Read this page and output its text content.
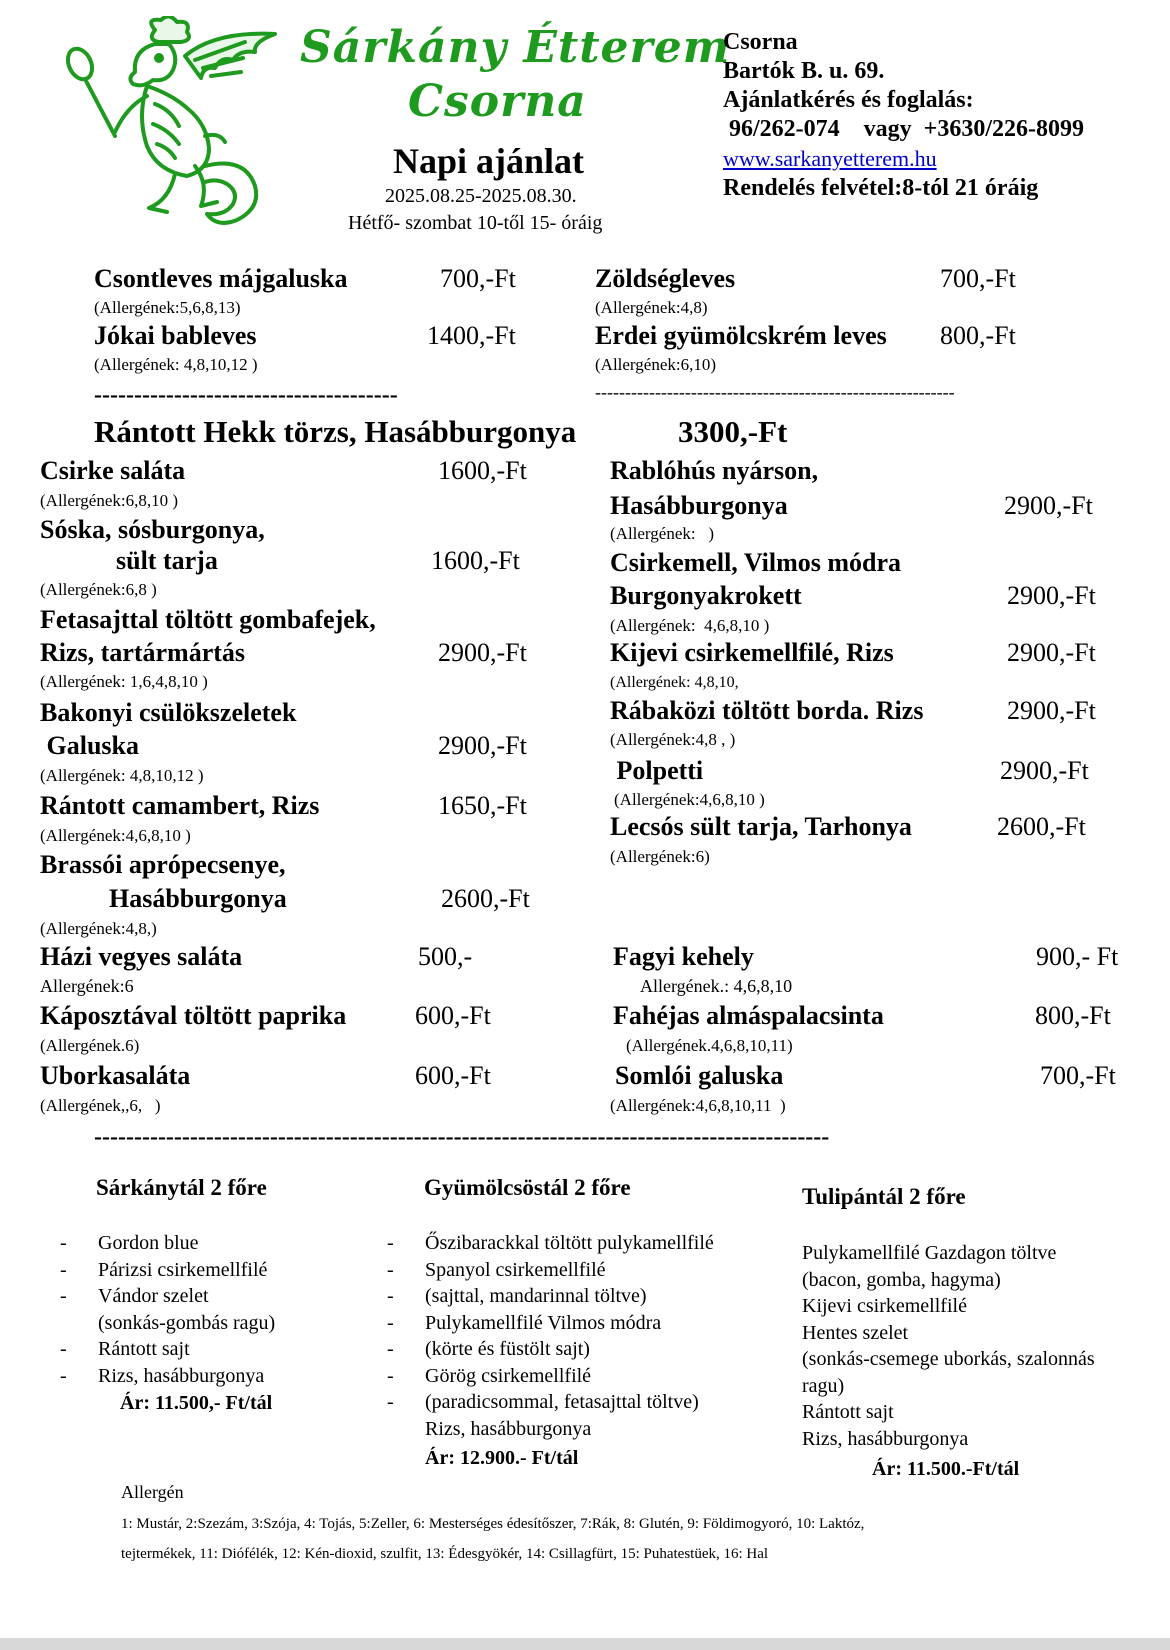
Sárkány Étterem
Csorna
Napi ajánlat
2025.08.25-2025.08.30.
Hétfő- szombat 10-től 15- óráig
Csorna
Bartók B. u. 69.
Ajánlatkérés és foglalás:
96/262-074    vagy  +3630/226-8099
www.sarkanyetterem.hu
Rendelés felvétel:8-tól 21 óráig
Csontleves májgaluska	700,-Ft
(Allergének:5,6,8,13)
Jókai bableves	1400,-Ft
(Allergének: 4,8,10,12 )
Zöldségleves	700,-Ft
(Allergének:4,8)
Erdei gyümölcskrém leves 800,-Ft
(Allergének:6,10)
--------------------------------------	------------------------------------------------------------
Rántott Hekk törzs, Hasábburgonya	3300,-Ft
Csirke saláta	1600,-Ft
(Allergének:6,8,10 )
Sóska, sósburgonya,
sült tarja	1600,-Ft
(Allergének:6,8 )
Fetasajttal töltött gombafejek,
Rizs, tartármártás	2900,-Ft
(Allergének: 1,6,4,8,10 )
Bakonyi csülökszeletek
Galuska	2900,-Ft
(Allergének: 4,8,10,12 )
Rántott camambert, Rizs	1650,-Ft
(Allergének:4,6,8,10 )
Brassói aprópecsenye,
Hasábburgonya	2600,-Ft
(Allergének:4,8,)
Rablóhús nyárson,
Hasábburgonya	2900,-Ft
(Allergének:   )
Csirkemell, Vilmos módra
Burgonyakrokett	2900,-Ft
(Allergének:  4,6,8,10 )
Kijevi csirkemellfilé, Rizs	2900,-Ft
(Allergének: 4,8,10,
Rábaközi töltött borda. Rizs	2900,-Ft
(Allergének:4,8 , )
Polpetti	2900,-Ft
(Allergének:4,6,8,10 )
Lecsós sült tarja, Tarhonya	2600,-Ft
(Allergének:6)
Házi vegyes saláta	500,-
Allergének:6
Káposztával töltött paprika	600,-Ft
(Allergének.6)
Uborkasaláta	600,-Ft
(Allergének,,6,   )
Fagyi kehely	900,- Ft
Allergének.: 4,6,8,10
Fahéjas almáspalacsinta	800,-Ft
(Allergének.4,6,8,10,11)
Somlói galuska	700,-Ft
(Allergének:4,6,8,10,11  )
--------------------------------------------------------------------------------------------
Sárkánytál 2 főre
- Gordon blue
- Párizsi csirkemellfilé
- Vándor szelet
(sonkás-gombás ragu)
- Rántott sajt
- Rizs, hasábburgonya
Ár: 11.500,- Ft/tál
Gyümölcsöstál 2 főre
- Őszibarackkal töltött pulykamellfilé
- Spanyol csirkemellfilé
- (sajttal, mandarinnal töltve)
- Pulykamellfilé Vilmos módra
- (körte és füstölt sajt)
- Görög csirkemellfilé
- (paradicsommal, fetasajttal töltve)
Rizs, hasábburgonya
Ár: 12.900.- Ft/tál
Tulipántál 2 főre
Pulykamellfilé Gazdagon töltve
(bacon, gomba, hagyma)
Kijevi csirkemellfilé
Hentes szelet
(sonkás-csemege uborkás, szalonnás
ragu)
Rántott sajt
Rizs, hasábburgonya
Ár: 11.500.-Ft/tál
Allergén
1: Mustár, 2:Szezám, 3:Szója, 4: Tojás, 5:Zeller, 6: Mesterséges édesítőszer, 7:Rák, 8: Glutén, 9: Földimogyoró, 10: Laktóz,
tejtermékek, 11: Diófélék, 12: Kén-dioxid, szulfit, 13: Édesgyökér, 14: Csillagfürt, 15: Puhatestüek, 16: Hal
